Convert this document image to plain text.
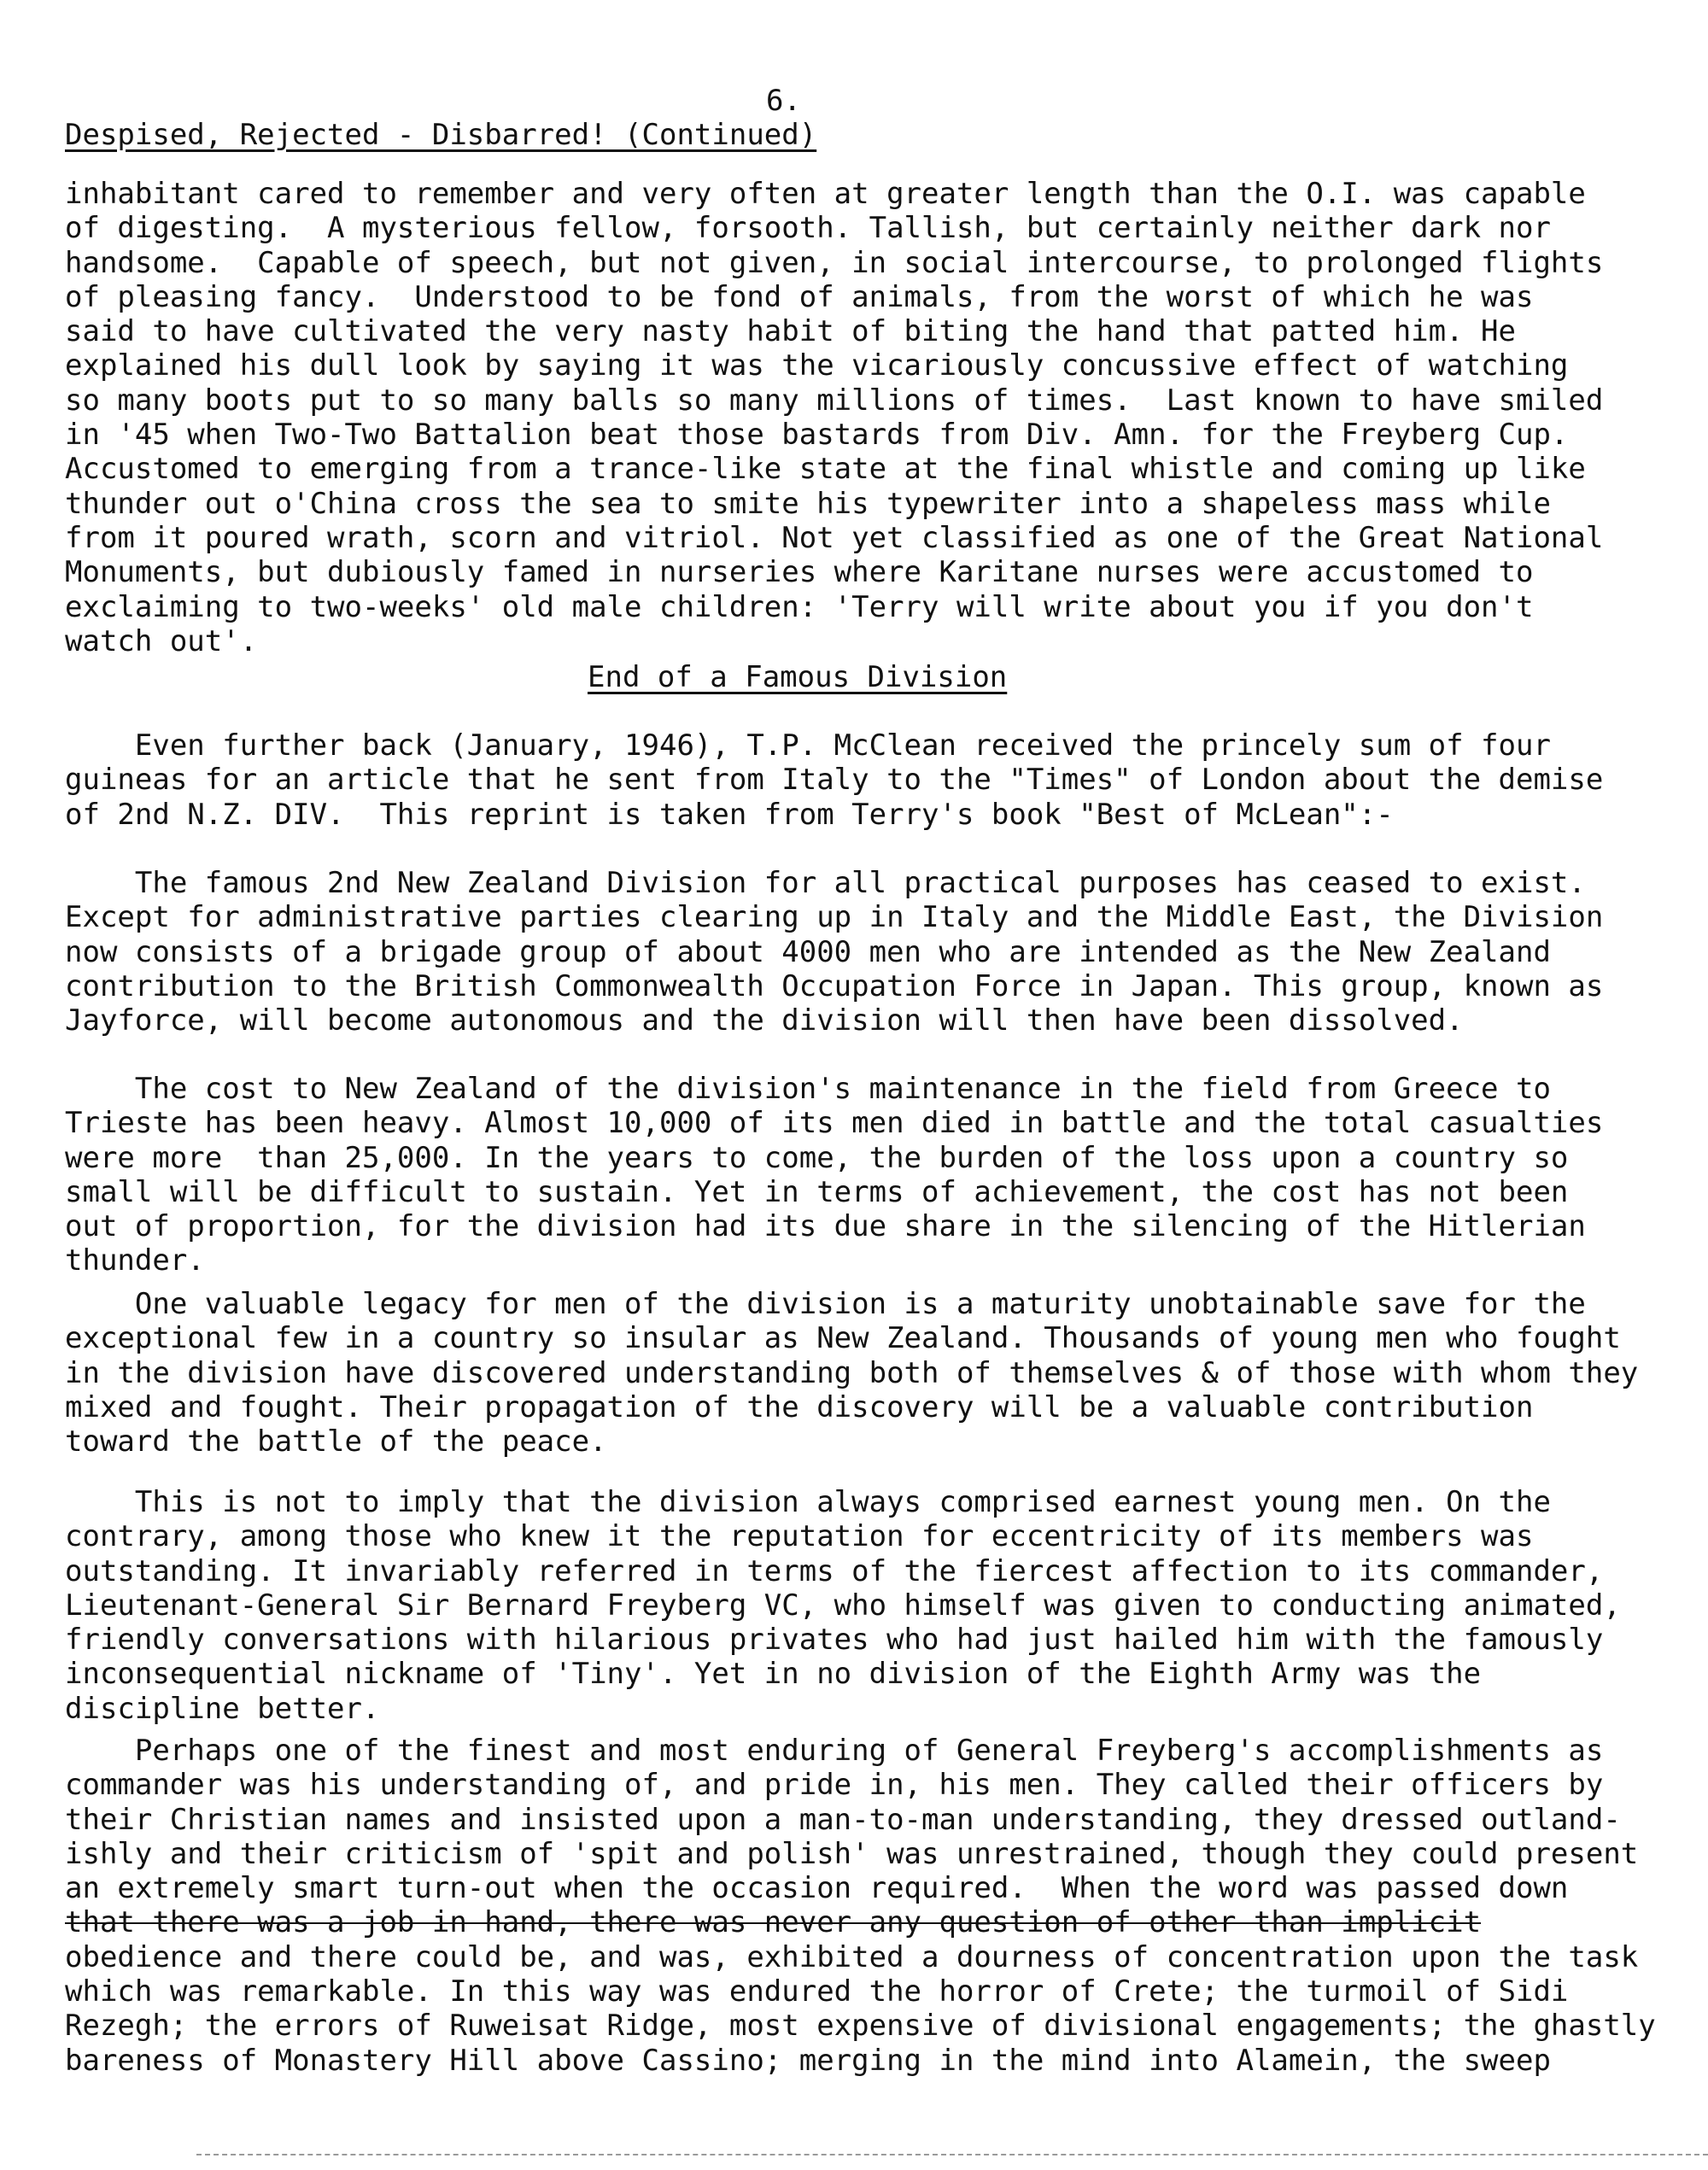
6.
Despised, Rejected - Disbarred! (Continued)
inhabitant cared to remember and very often at greater length than the O.I. was capable
of digesting.  A mysterious fellow, forsooth. Tallish, but certainly neither dark nor
handsome.  Capable of speech, but not given, in social intercourse, to prolonged flights
of pleasing fancy.  Understood to be fond of animals, from the worst of which he was
said to have cultivated the very nasty habit of biting the hand that patted him. He
explained his dull look by saying it was the vicariously concussive effect of watching
so many boots put to so many balls so many millions of times.  Last known to have smiled
in '45 when Two-Two Battalion beat those bastards from Div. Amn. for the Freyberg Cup.
Accustomed to emerging from a trance-like state at the final whistle and coming up like
thunder out o'China cross the sea to smite his typewriter into a shapeless mass while
from it poured wrath, scorn and vitriol. Not yet classified as one of the Great National
Monuments, but dubiously famed in nurseries where Karitane nurses were accustomed to
exclaiming to two-weeks' old male children: 'Terry will write about you if you don't
watch out'.
End of a Famous Division
Even further back (January, 1946), T.P. McClean received the princely sum of four
guineas for an article that he sent from Italy to the "Times" of London about the demise
of 2nd N.Z. DIV.  This reprint is taken from Terry's book "Best of McLean":-
The famous 2nd New Zealand Division for all practical purposes has ceased to exist.
Except for administrative parties clearing up in Italy and the Middle East, the Division
now consists of a brigade group of about 4000 men who are intended as the New Zealand
contribution to the British Commonwealth Occupation Force in Japan. This group, known as
Jayforce, will become autonomous and the division will then have been dissolved.
The cost to New Zealand of the division's maintenance in the field from Greece to
Trieste has been heavy. Almost 10,000 of its men died in battle and the total casualties
were more  than 25,000. In the years to come, the burden of the loss upon a country so
small will be difficult to sustain. Yet in terms of achievement, the cost has not been
out of proportion, for the division had its due share in the silencing of the Hitlerian
thunder.
One valuable legacy for men of the division is a maturity unobtainable save for the
exceptional few in a country so insular as New Zealand. Thousands of young men who fought
in the division have discovered understanding both of themselves & of those with whom they
mixed and fought. Their propagation of the discovery will be a valuable contribution
toward the battle of the peace.
This is not to imply that the division always comprised earnest young men. On the
contrary, among those who knew it the reputation for eccentricity of its members was
outstanding. It invariably referred in terms of the fiercest affection to its commander,
Lieutenant-General Sir Bernard Freyberg VC, who himself was given to conducting animated,
friendly conversations with hilarious privates who had just hailed him with the famously
inconsequential nickname of 'Tiny'. Yet in no division of the Eighth Army was the
discipline better.
Perhaps one of the finest and most enduring of General Freyberg's accomplishments as
commander was his understanding of, and pride in, his men. They called their officers by
their Christian names and insisted upon a man-to-man understanding, they dressed outland-
ishly and their criticism of 'spit and polish' was unrestrained, though they could present
an extremely smart turn-out when the occasion required.  When the word was passed down
that there was a job in hand, there was never any question of other than implicit
obedience and there could be, and was, exhibited a dourness of concentration upon the task
which was remarkable. In this way was endured the horror of Crete; the turmoil of Sidi
Rezegh; the errors of Ruweisat Ridge, most expensive of divisional engagements; the ghastly
bareness of Monastery Hill above Cassino; merging in the mind into Alamein, the sweep
